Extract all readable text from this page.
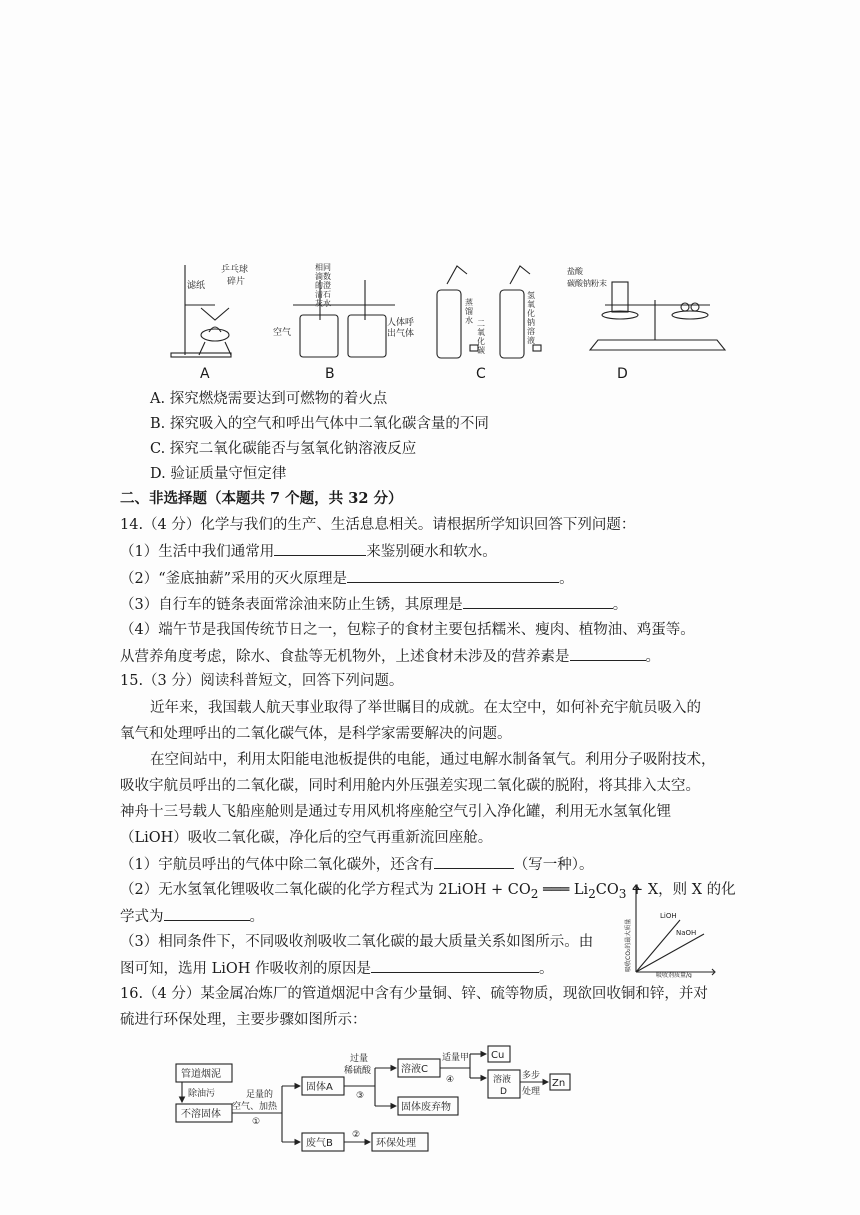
滤纸
乒乓球
碎片
相同
滴数
的澄
清石
灰水
空气
人体呼
出气体
蒸
馏
水 二
氧
化
碳
氢
氧
化
钠
溶
液
盐酸
碳酸钠粉末
A	B	C	D
A. 探究燃烧需要达到可燃物的着火点
B. 探究吸入的空气和呼出气体中二氧化碳含量的不同
C. 探究二氧化碳能否与氢氧化钠溶液反应
D. 验证质量守恒定律
二、非选择题（本题共 7 个题，共 32 分）
14.（4 分）化学与我们的生产、生活息息相关。请根据所学知识回答下列问题：
（1）生活中我们通常用	来鉴别硬水和软水。
（2）“釜底抽薪”采用的灭火原理是	。
（3）自行车的链条表面常涂油来防止生锈，其原理是	。
（4）端午节是我国传统节日之一，包粽子的食材主要包括糯米、瘦肉、植物油、鸡蛋等。
从营养角度考虑，除水、食盐等无机物外，上述食材未涉及的营养素是	。
15.（3 分）阅读科普短文，回答下列问题。
近年来，我国载人航天事业取得了举世瞩目的成就。在太空中，如何补充宇航员吸入的
氧气和处理呼出的二氧化碳气体，是科学家需要解决的问题。
在空间站中，利用太阳能电池板提供的电能，通过电解水制备氧气。利用分子吸附技术，
吸收宇航员呼出的二氧化碳，同时利用舱内外压强差实现二氧化碳的脱附，将其排入太空。
神舟十三号载人飞船座舱则是通过专用风机将座舱空气引入净化罐，利用无水氢氧化锂
（LiOH）吸收二氧化碳，净化后的空气再重新流回座舱。
（1）宇航员呼出的气体中除二氧化碳外，还含有	（写一种）。
（2）无水氢氧化锂吸收二氧化碳的化学方程式为 2LiOH + $CO_2$ ═══ $Li_2CO_3 + X$，则 X 的化
学式为	。
（3）相同条件下，不同吸收剂吸收二氧化碳的最大质量关系如图所示。由
图可知，选用 LiOH 作吸收剂的原因是	。
LiOH
NaOH
吸收剂质量/g
吸收CO₂的最大质量
16.（4 分）某金属冶炼厂的管道烟泥中含有少量铜、锌、硫等物质，现欲回收铜和锌，并对
硫进行环保处理，主要步骤如图所示：
管道烟泥
除油污
不溶固体
足量的
空气、加热
①
固体A
废气B
②
环保处理
过量
稀硫酸
③
溶液C
固体废弃物
适量甲
④
Cu
溶液
D
多步
处理
Zn
